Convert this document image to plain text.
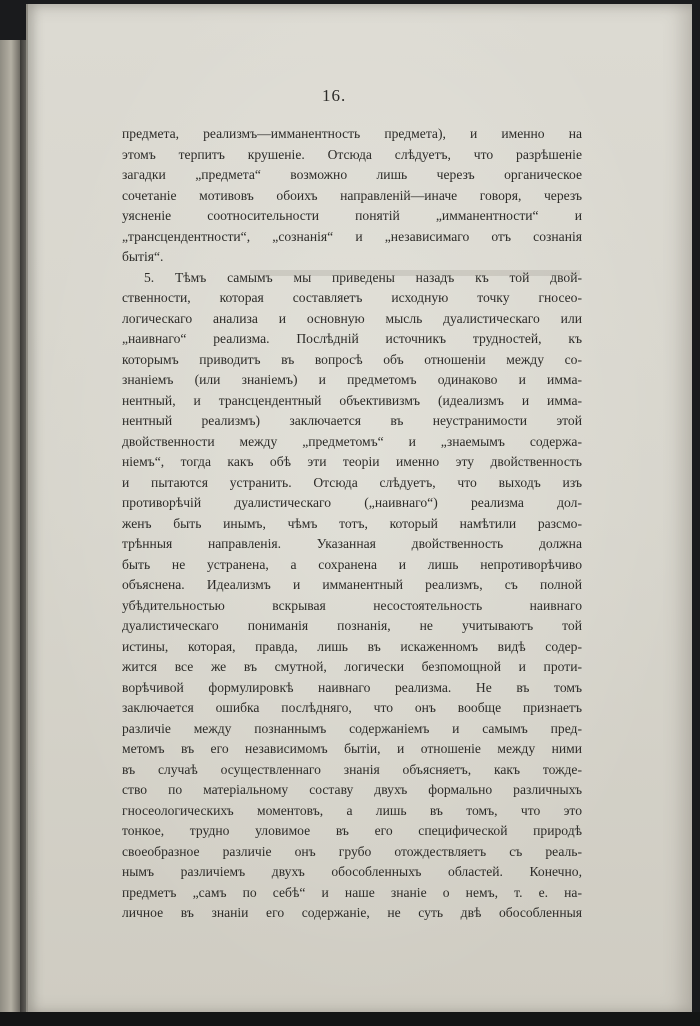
16.
предмета, реализмъ—имманентность предмета), и именно на
этомъ терпитъ крушеніе. Отсюда слѣдуетъ, что разрѣшеніе
загадки „предмета“ возможно лишь черезъ органическое
сочетаніе мотивовъ обоихъ направленій—иначе говоря, черезъ
уясненіе соотносительности понятій „имманентности“ и
„трансцендентности“, „сознанія“ и „независимаго отъ сознанія
бытія“.
5. Тѣмъ самымъ мы приведены назадъ къ той двой-
ственности, которая составляетъ исходную точку гносео-
логическаго анализа и основную мысль дуалистическаго или
„наивнаго“ реализма. Послѣдній источникъ трудностей, къ
которымъ приводитъ въ вопросѣ объ отношеніи между со-
знаніемъ (или знаніемъ) и предметомъ одинаково и имма-
нентный, и трансцендентный объективизмъ (идеализмъ и имма-
нентный реализмъ) заключается въ неустранимости этой
двойственности между „предметомъ“ и „знаемымъ содержа-
ніемъ“, тогда какъ обѣ эти теоріи именно эту двойственность
и пытаются устранить. Отсюда слѣдуетъ, что выходъ изъ
противорѣчій дуалистическаго („наивнаго“) реализма дол-
женъ быть инымъ, чѣмъ тотъ, который намѣтили разсмо-
трѣнныя направленія. Указанная двойственность должна
быть не устранена, а сохранена и лишь непротиворѣчиво
объяснена. Идеализмъ и имманентный реализмъ, съ полной
убѣдительностью вскрывая несостоятельность наивнаго
дуалистическаго пониманія познанія, не учитываютъ той
истины, которая, правда, лишь въ искаженномъ видѣ содер-
жится все же въ смутной, логически безпомощной и проти-
ворѣчивой формулировкѣ наивнаго реализма. Не въ томъ
заключается ошибка послѣдняго, что онъ вообще признаетъ
различіе между познаннымъ содержаніемъ и самымъ пред-
метомъ въ его независимомъ бытіи, и отношеніе между ними
въ случаѣ осуществленнаго знанія объясняетъ, какъ тожде-
ство по матеріальному составу двухъ формально различныхъ
гносеологическихъ моментовъ, а лишь въ томъ, что это
тонкое, трудно уловимое въ его специфической природѣ
своеобразное различіе онъ грубо отождествляетъ съ реаль-
нымъ различіемъ двухъ обособленныхъ областей. Конечно,
предметъ „самъ по себѣ“ и наше знаніе о немъ, т. е. на-
личное въ знаніи его содержаніе, не суть двѣ обособленныя
